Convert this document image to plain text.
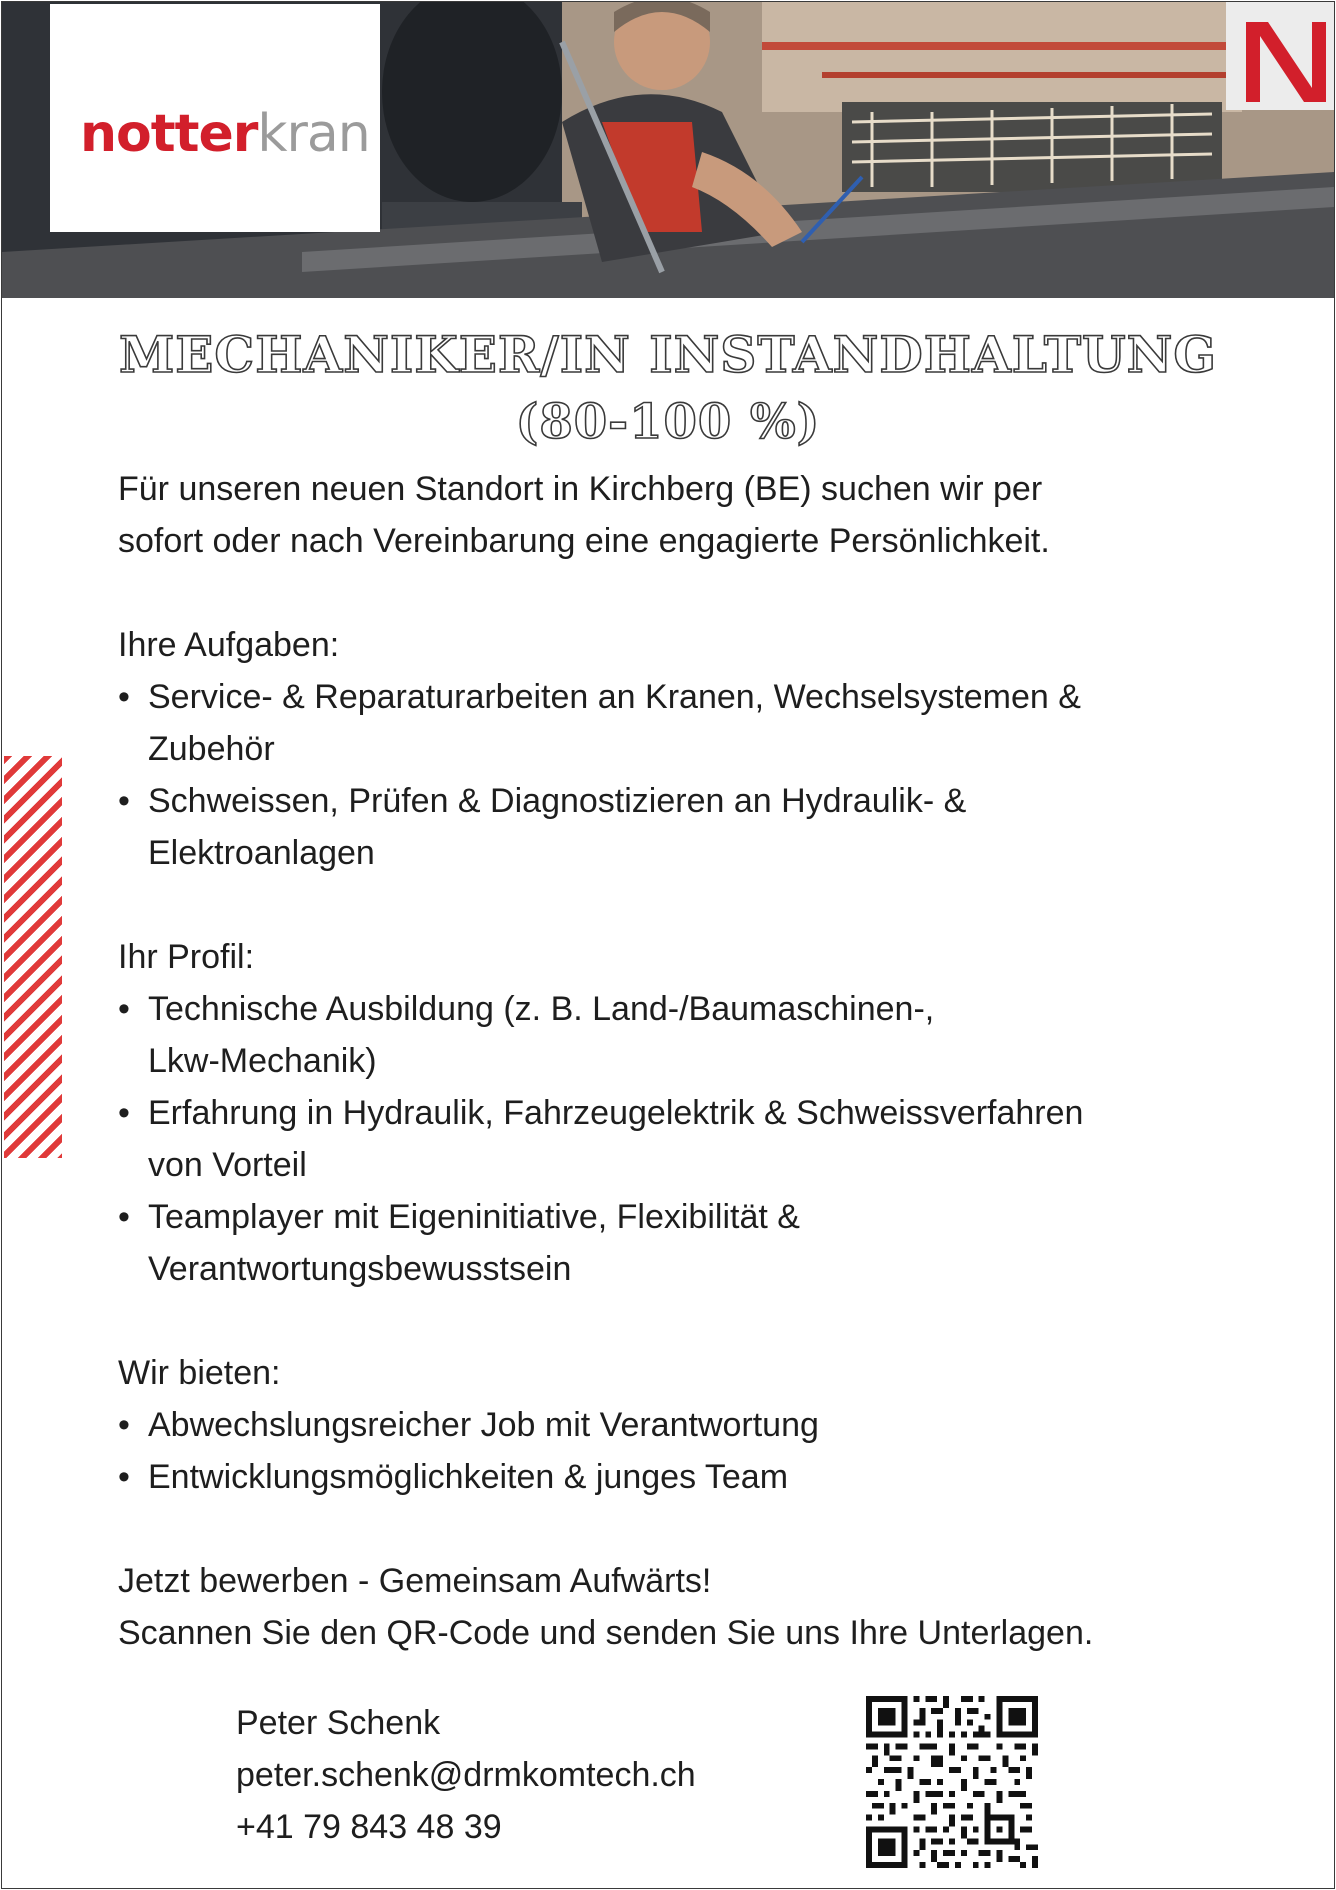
notterkran
MECHANIKER/IN INSTANDHALTUNG
(80-100 %)
Für unseren neuen Standort in Kirchberg (BE) suchen wir per
sofort oder nach Vereinbarung eine engagierte Persönlichkeit.
Ihre Aufgaben:
• Service- & Reparaturarbeiten an Kranen, Wechselsystemen &
Zubehör
• Schweissen, Prüfen & Diagnostizieren an Hydraulik- &
Elektroanlagen
Ihr Profil:
• Technische Ausbildung (z. B. Land-/Baumaschinen-,
Lkw-Mechanik)
• Erfahrung in Hydraulik, Fahrzeugelektrik & Schweissverfahren
von Vorteil
• Teamplayer mit Eigeninitiative, Flexibilität &
Verantwortungsbewusstsein
Wir bieten:
• Abwechslungsreicher Job mit Verantwortung
• Entwicklungsmöglichkeiten & junges Team
Jetzt bewerben - Gemeinsam Aufwärts!
Scannen Sie den QR-Code und senden Sie uns Ihre Unterlagen.
Peter Schenk
peter.schenk@drmkomtech.ch
+41 79 843 48 39
